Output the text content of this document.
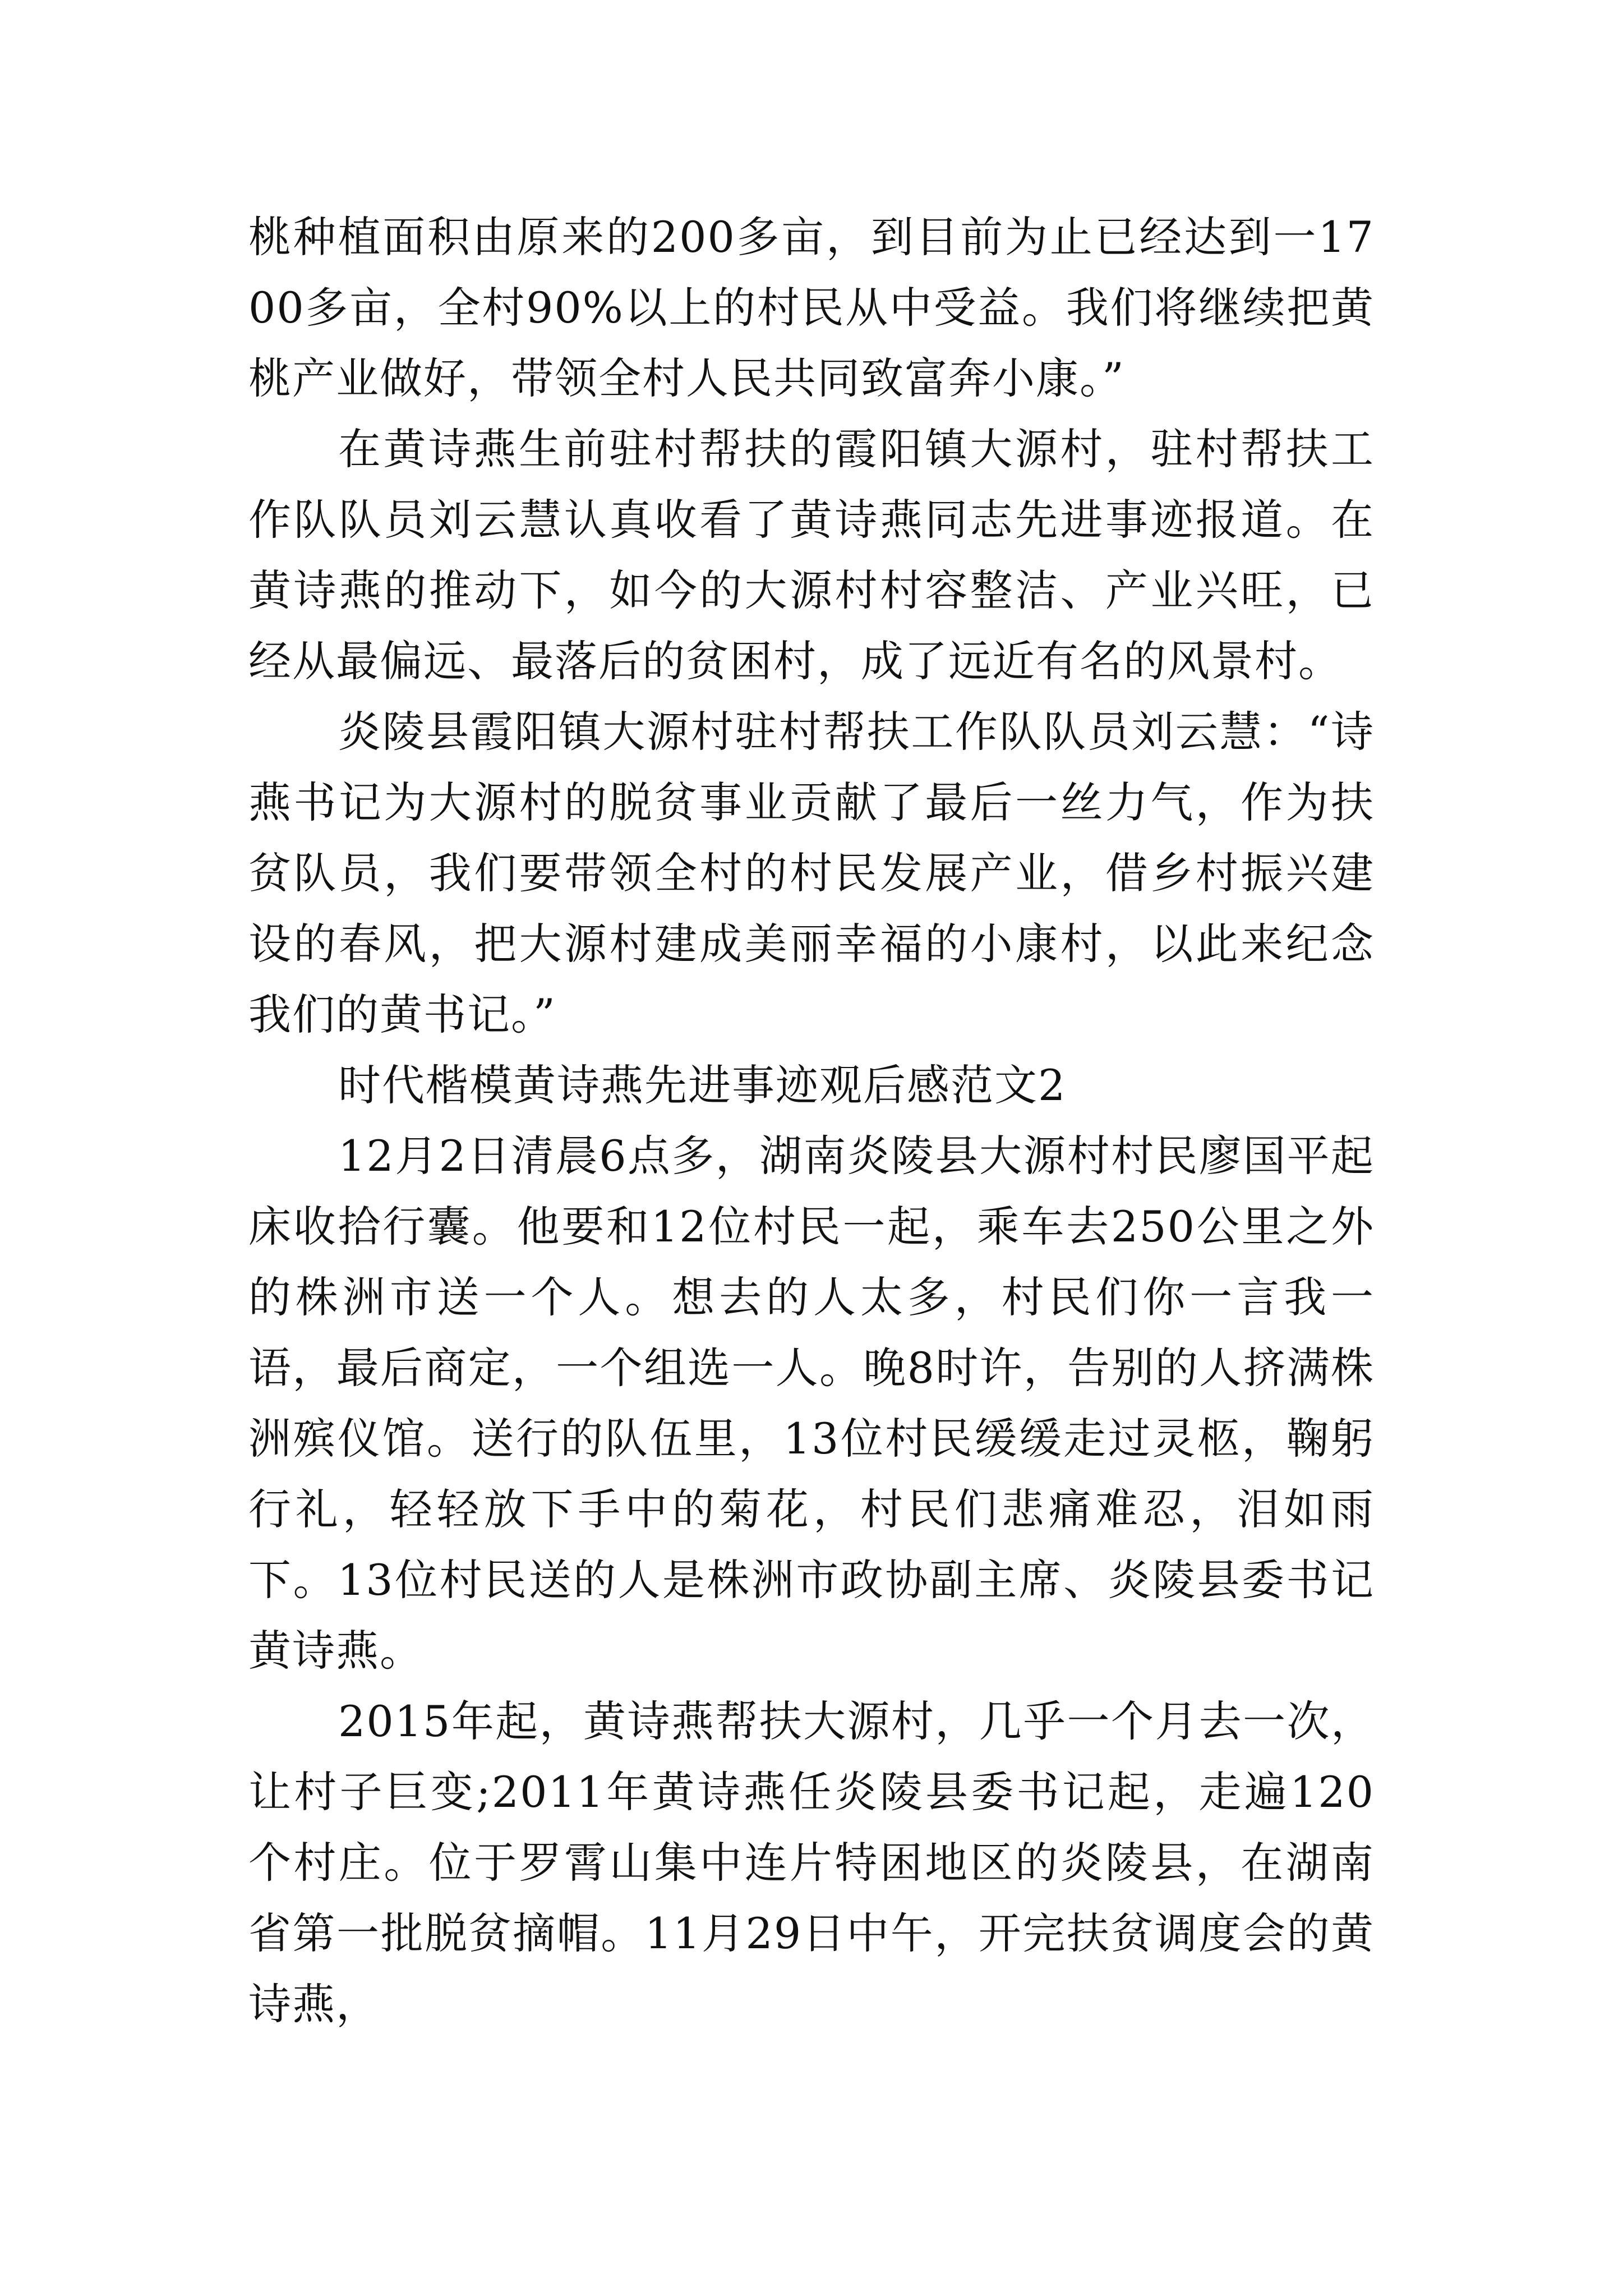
桃种植面积由原来的200多亩，到目前为止已经达到一1700多亩，全村90%以上的村民从中受益。我们将继续把黄桃产业做好，带领全村人民共同致富奔小康。”

在黄诗燕生前驻村帮扶的霞阳镇大源村，驻村帮扶工作队队员刘云慧认真收看了黄诗燕同志先进事迹报道。在黄诗燕的推动下，如今的大源村村容整洁、产业兴旺，已经从最偏远、最落后的贫困村，成了远近有名的风景村。

炎陵县霞阳镇大源村驻村帮扶工作队队员刘云慧：“诗燕书记为大源村的脱贫事业贡献了最后一丝力气，作为扶贫队员，我们要带领全村的村民发展产业，借乡村振兴建设的春风，把大源村建成美丽幸福的小康村，以此来纪念我们的黄书记。”

时代楷模黄诗燕先进事迹观后感范文2

12月2日清晨6点多，湖南炎陵县大源村村民廖国平起床收拾行囊。他要和12位村民一起，乘车去250公里之外的株洲市送一个人。想去的人太多，村民们你一言我一语，最后商定，一个组选一人。晚8时许，告别的人挤满株洲殡仪馆。送行的队伍里，13位村民缓缓走过灵柩，鞠躬行礼，轻轻放下手中的菊花，村民们悲痛难忍，泪如雨下。13位村民送的人是株洲市政协副主席、炎陵县委书记黄诗燕。

2015年起，黄诗燕帮扶大源村，几乎一个月去一次，让村子巨变;2011年黄诗燕任炎陵县委书记起，走遍120个村庄。位于罗霄山集中连片特困地区的炎陵县，在湖南省第一批脱贫摘帽。11月29日中午，开完扶贫调度会的黄诗燕，
